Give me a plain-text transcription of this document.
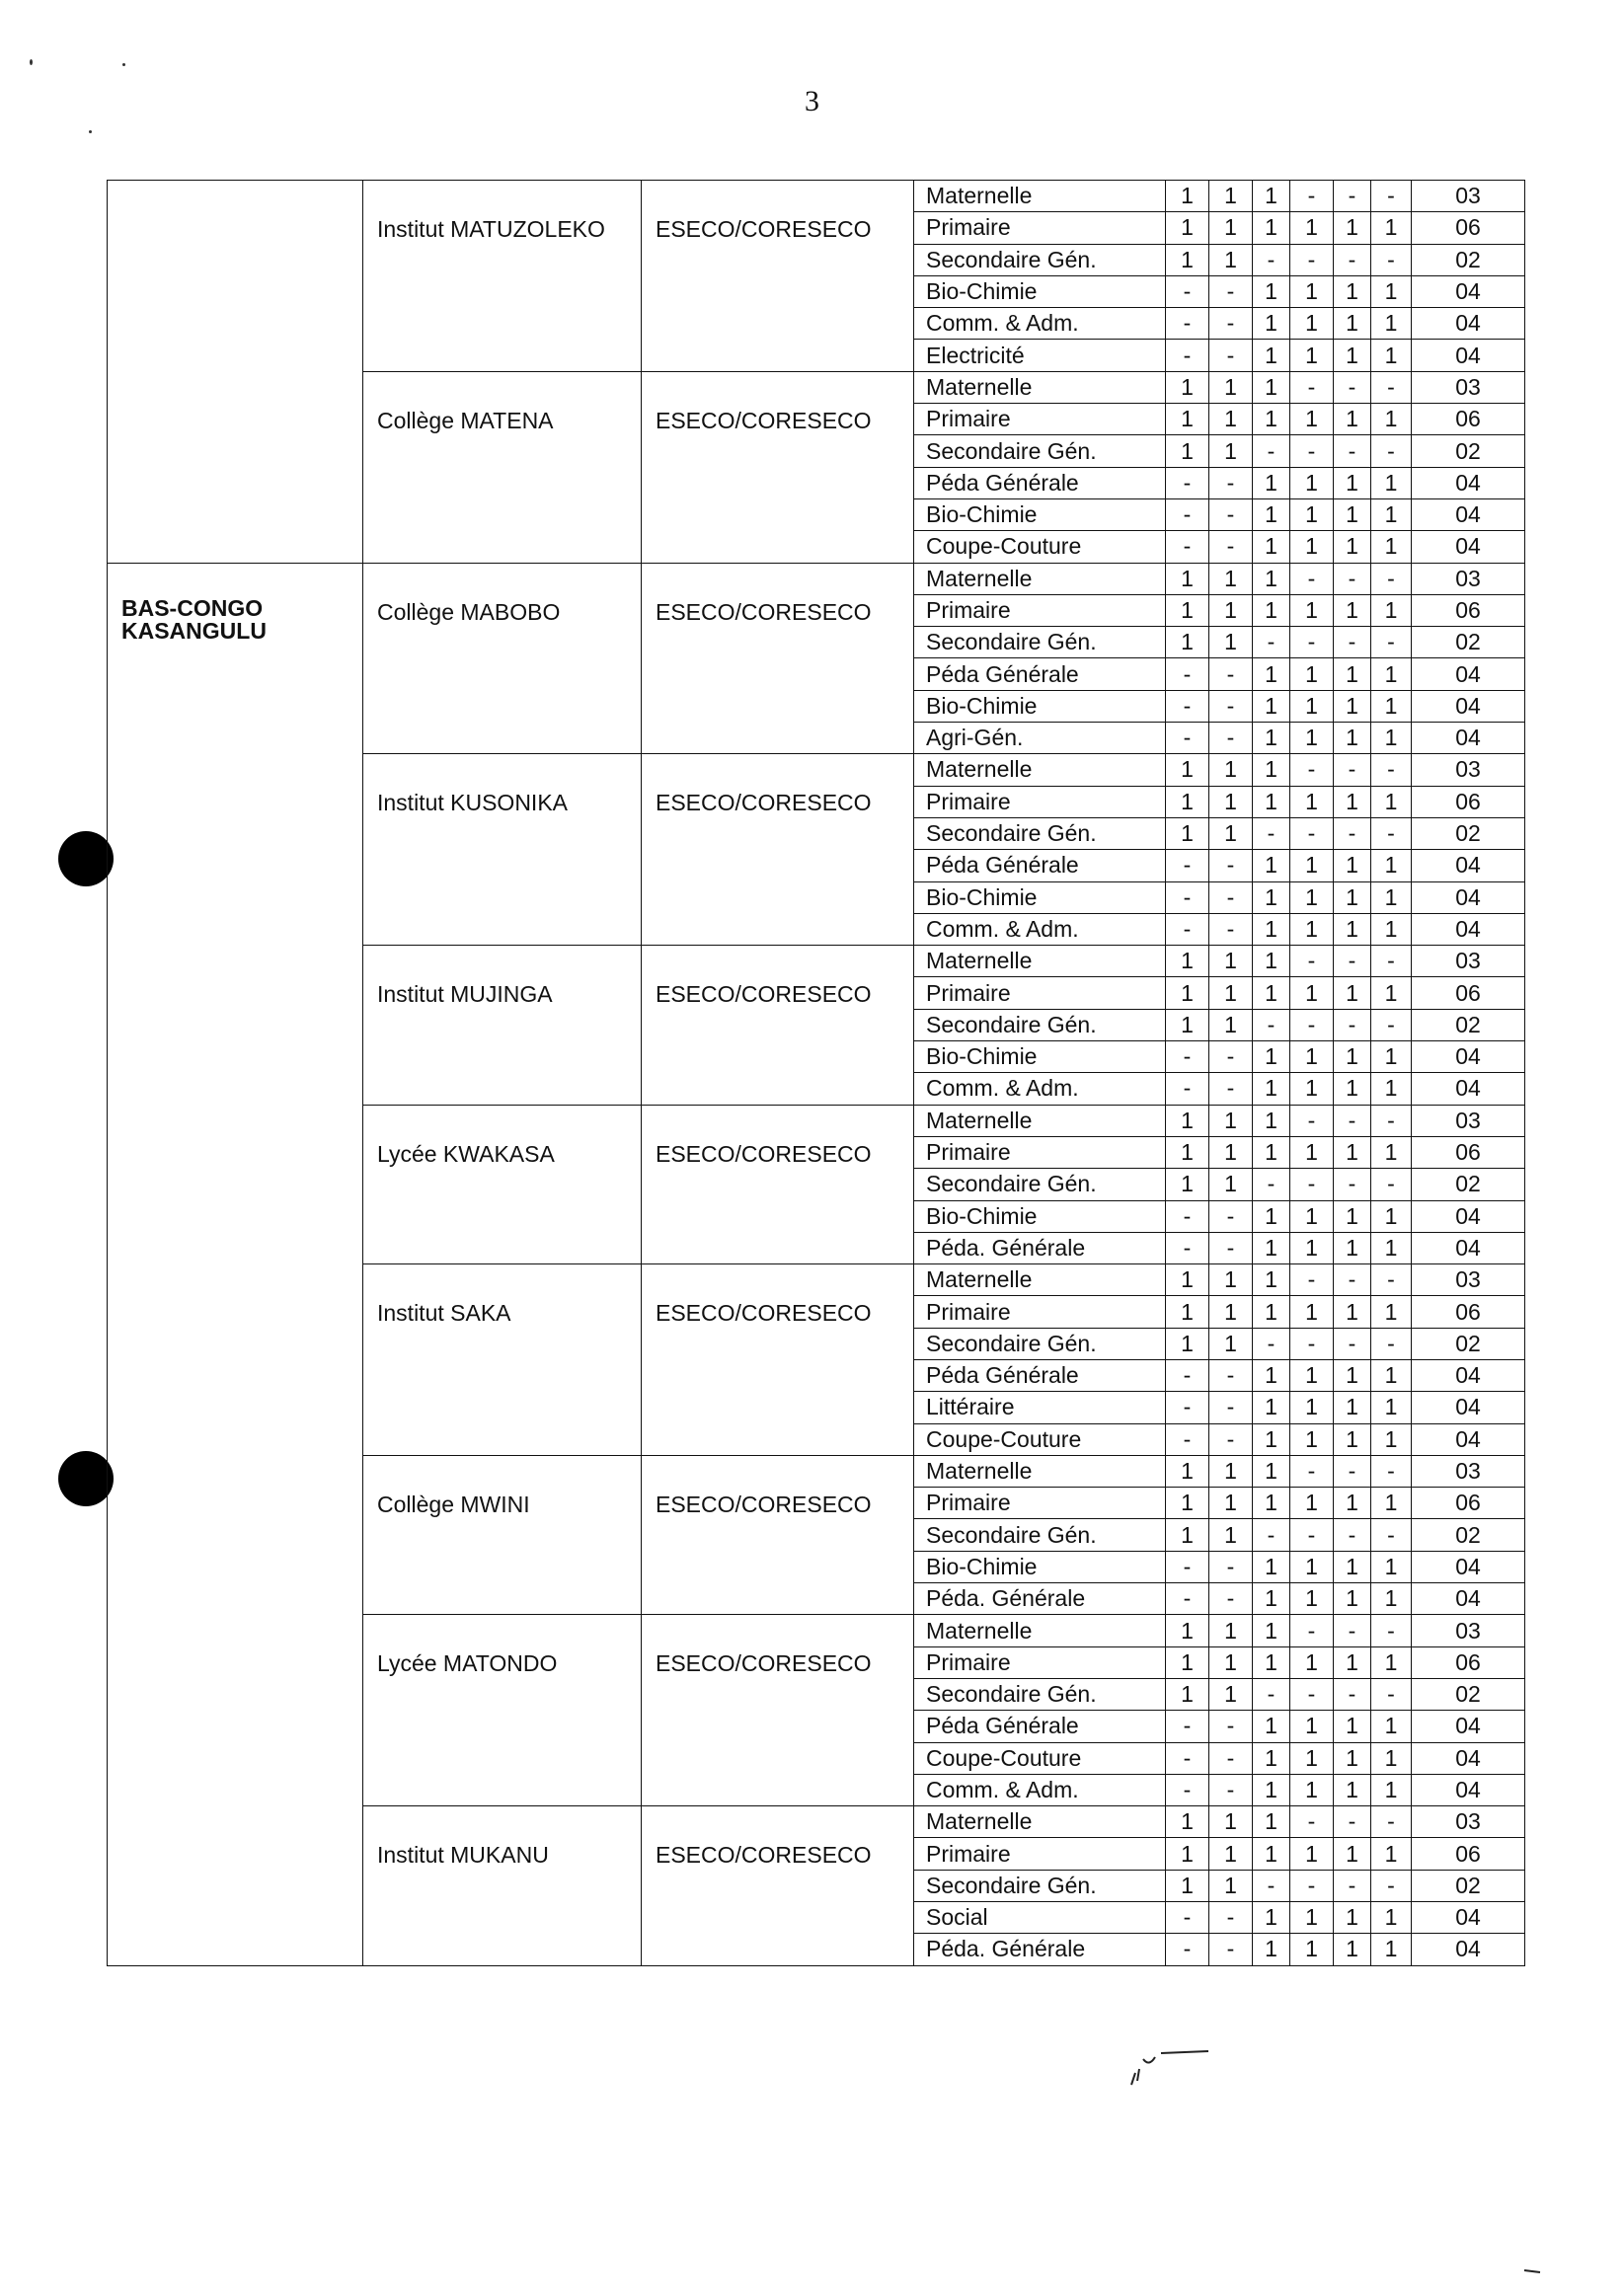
3
	Institut MATUZOLEKO	ESECO/CORESECO	Maternelle	1	1	1	-	-	-	03
			Primaire	1	1	1	1	1	1	06
			Secondaire Gén.	1	1	-	-	-	-	02
			Bio-Chimie	-	-	1	1	1	1	04
			Comm. & Adm.	-	-	1	1	1	1	04
			Electricité	-	-	1	1	1	1	04
	Collège MATENA	ESECO/CORESECO	Maternelle	1	1	1	-	-	-	03
			Primaire	1	1	1	1	1	1	06
			Secondaire Gén.	1	1	-	-	-	-	02
			Péda Générale	-	-	1	1	1	1	04
			Bio-Chimie	-	-	1	1	1	1	04
			Coupe-Couture	-	-	1	1	1	1	04

BAS-CONGO
KASANGULU	Collège MABOBO	ESECO/CORESECO	Maternelle	1	1	1	-	-	-	03
			Primaire	1	1	1	1	1	1	06
			Secondaire Gén.	1	1	-	-	-	-	02
			Péda Générale	-	-	1	1	1	1	04
			Bio-Chimie	-	-	1	1	1	1	04
			Agri-Gén.	-	-	1	1	1	1	04
	Institut KUSONIKA	ESECO/CORESECO	Maternelle	1	1	1	-	-	-	03
			Primaire	1	1	1	1	1	1	06
			Secondaire Gén.	1	1	-	-	-	-	02
			Péda Générale	-	-	1	1	1	1	04
			Bio-Chimie	-	-	1	1	1	1	04
			Comm. & Adm.	-	-	1	1	1	1	04
	Institut MUJINGA	ESECO/CORESECO	Maternelle	1	1	1	-	-	-	03
			Primaire	1	1	1	1	1	1	06
			Secondaire Gén.	1	1	-	-	-	-	02
			Bio-Chimie	-	-	1	1	1	1	04
			Comm. & Adm.	-	-	1	1	1	1	04
	Lycée KWAKASA	ESECO/CORESECO	Maternelle	1	1	1	-	-	-	03
			Primaire	1	1	1	1	1	1	06
			Secondaire Gén.	1	1	-	-	-	-	02
			Bio-Chimie	-	-	1	1	1	1	04
			Péda. Générale	-	-	1	1	1	1	04
	Institut SAKA	ESECO/CORESECO	Maternelle	1	1	1	-	-	-	03
			Primaire	1	1	1	1	1	1	06
			Secondaire Gén.	1	1	-	-	-	-	02
			Péda Générale	-	-	1	1	1	1	04
			Littéraire	-	-	1	1	1	1	04
			Coupe-Couture	-	-	1	1	1	1	04
	Collège MWINI	ESECO/CORESECO	Maternelle	1	1	1	-	-	-	03
			Primaire	1	1	1	1	1	1	06
			Secondaire Gén.	1	1	-	-	-	-	02
			Bio-Chimie	-	-	1	1	1	1	04
			Péda. Générale	-	-	1	1	1	1	04
	Lycée MATONDO	ESECO/CORESECO	Maternelle	1	1	1	-	-	-	03
			Primaire	1	1	1	1	1	1	06
			Secondaire Gén.	1	1	-	-	-	-	02
			Péda Générale	-	-	1	1	1	1	04
			Coupe-Couture	-	-	1	1	1	1	04
			Comm. & Adm.	-	-	1	1	1	1	04
	Institut MUKANU	ESECO/CORESECO	Maternelle	1	1	1	-	-	-	03
			Primaire	1	1	1	1	1	1	06
			Secondaire Gén.	1	1	-	-	-	-	02
			Social	-	-	1	1	1	1	04
			Péda. Générale	-	-	1	1	1	1	04
